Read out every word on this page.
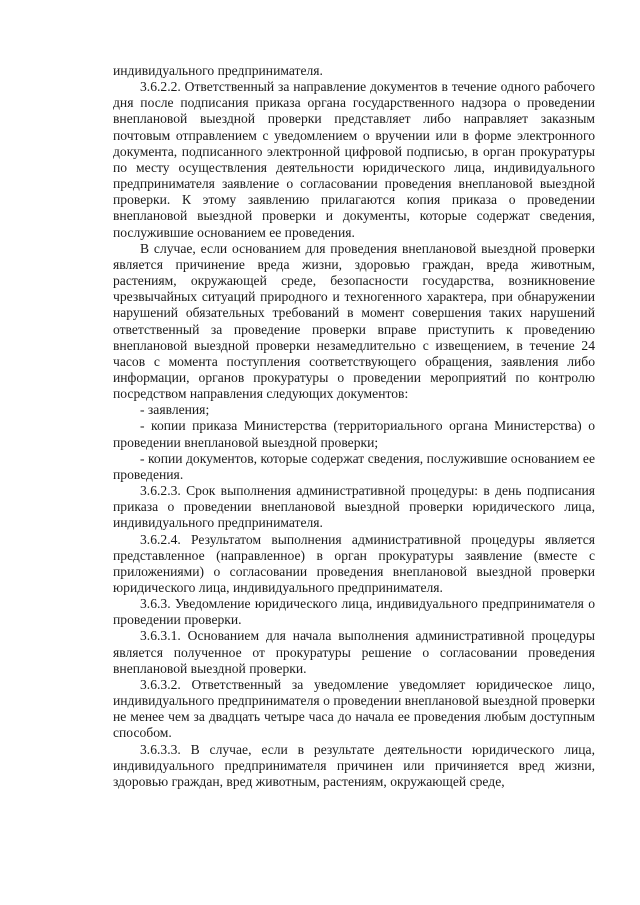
индивидуального предпринимателя.

3.6.2.2. Ответственный за направление документов в течение одного рабочего дня после подписания приказа органа государственного надзора о проведении внеплановой выездной проверки представляет либо направляет заказным почтовым отправлением с уведомлением о вручении или в форме электронного документа, подписанного электронной цифровой подписью, в орган прокуратуры по месту осуществления деятельности юридического лица, индивидуального предпринимателя заявление о согласовании проведения внеплановой выездной проверки. К этому заявлению прилагаются копия приказа о проведении внеплановой выездной проверки и документы, которые содержат сведения, послужившие основанием ее проведения.

В случае, если основанием для проведения внеплановой выездной проверки является причинение вреда жизни, здоровью граждан, вреда животным, растениям, окружающей среде, безопасности государства, возникновение чрезвычайных ситуаций природного и техногенного характера, при обнаружении нарушений обязательных требований в момент совершения таких нарушений ответственный за проведение проверки вправе приступить к проведению внеплановой выездной проверки незамедлительно с извещением, в течение 24 часов с момента поступления соответствующего обращения, заявления либо информации, органов прокуратуры о проведении мероприятий по контролю посредством направления следующих документов:

- заявления;

- копии приказа Министерства (территориального органа Министерства) о проведении внеплановой выездной проверки;

- копии документов, которые содержат сведения, послужившие основанием ее проведения.

3.6.2.3. Срок выполнения административной процедуры: в день подписания приказа о проведении внеплановой выездной проверки юридического лица, индивидуального предпринимателя.

3.6.2.4. Результатом выполнения административной процедуры является представленное (направленное) в орган прокуратуры заявление (вместе с приложениями) о согласовании проведения внеплановой выездной проверки юридического лица, индивидуального предпринимателя.

3.6.3. Уведомление юридического лица, индивидуального предпринимателя о проведении проверки.

3.6.3.1. Основанием для начала выполнения административной процедуры является полученное от прокуратуры решение о согласовании проведения внеплановой выездной проверки.

3.6.3.2. Ответственный за уведомление уведомляет юридическое лицо, индивидуального предпринимателя о проведении внеплановой выездной проверки не менее чем за двадцать четыре часа до начала ее проведения любым доступным способом.

3.6.3.3. В случае, если в результате деятельности юридического лица, индивидуального предпринимателя причинен или причиняется вред жизни, здоровью граждан, вред животным, растениям, окружающей среде,
